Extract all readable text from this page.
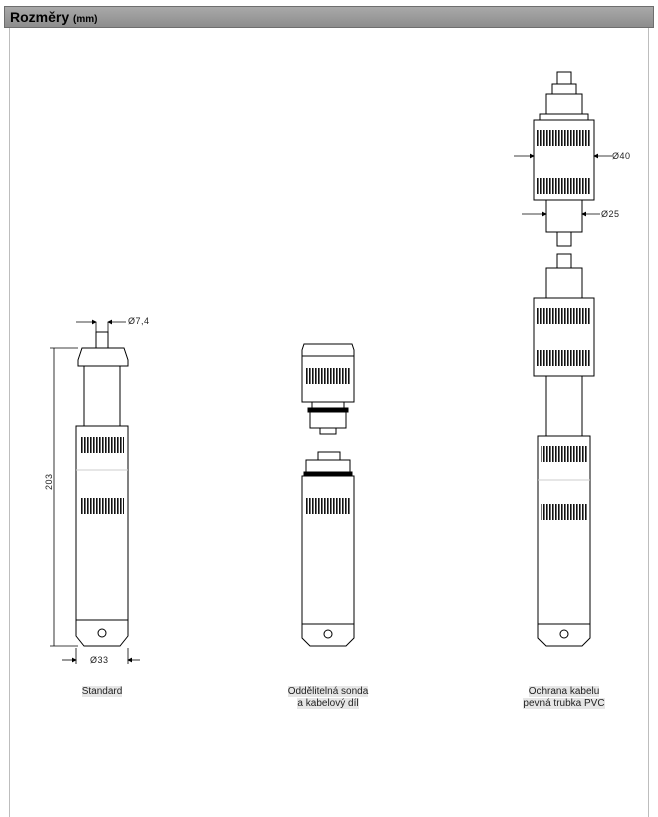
Rozměry (mm)
Ø7,4
203
Ø33
Ø40
Ø25
Standard	Oddělitelná sonda
a kabelový díl
Ochrana kabelu
pevná trubka PVC
